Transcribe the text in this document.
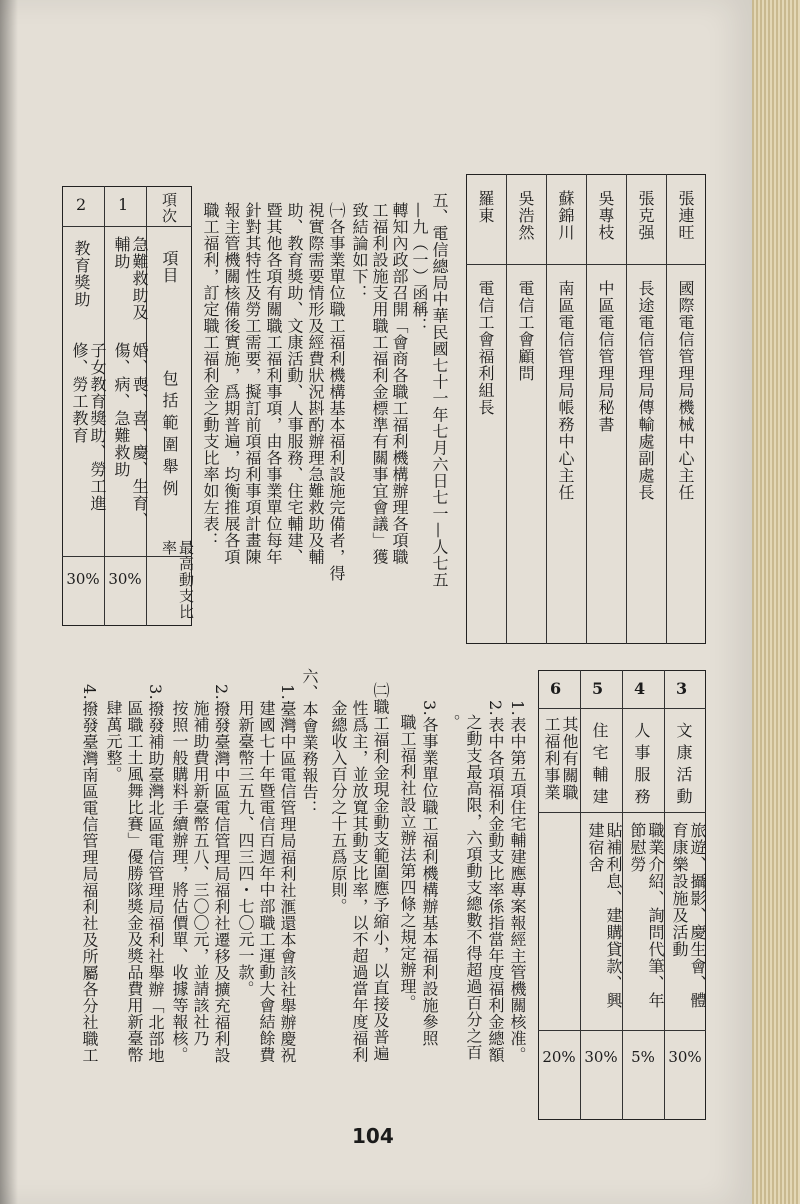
張連旺
國際電信管理局機械中心主任
張克强
長途電信管理局傳輸處副處長
吳專枝
中區電信管理局秘書
蘇錦川
南區電信管理局帳務中心主任
吳浩然
電信工會顧問
羅東
電信工會福利組長
五、電信總局中華民國七十一年七月六日七一—人七五
—九（一）函稱：
轉知內政部召開「會商各職工福利機構辦理各項職
工福利設施支用職工福利金標準有關事宜會議」獲
致結論如下：
㈠各事業單位職工福利機構基本福利設施完備者，得
視實際需要情形及經費狀況斟酌辦理急難救助及輔
助、教育獎助、文康活動、人事服務、住宅輔建、
暨其他各項有關職工福利事項，由各事業單位每年
針對其特性及勞工需要，擬訂前項福利事項計畫陳
報主管機關核備後實施，爲期普遍，均衡推展各項
職工福利，訂定職工福利金之動支比率如左表：
項次
項目
包括範圍舉例
最高動支比率
1
急難救助及輔助
婚、喪、喜、慶、生育、傷、病、急難救助
30%
2
教育獎助
子女教育獎助、勞工進修、勞工教育
30%
3
文康活動
旅遊、攝影、慶生會、體育康樂設施及活動
30%
4
人事服務
職業介紹、詢問代筆、年節慰勞
5%
5
住宅輔建
貼補利息、建購貸款、興建宿舍
30%
6
其他有關職工福利事業
20%
1.表中第五項住宅輔建應專案報經主管機關核准。
2.表中各項福利金動支比率係指當年度福利金總額
之動支最高限，六項動支總數不得超過百分之百
。
3.各事業單位職工福利機構辦基本福利設施參照
職工福利社設立辦法第四條之規定辦理。
㈡職工福利金現金動支範圍應予縮小，以直接及普遍
性爲主，並放寬其動支比率，以不超過當年度福利
金總收入百分之十五爲原則。
六、本會業務報告：
1.臺灣中區電信管理局福利社滙還本會該社舉辦慶祝
建國七十年暨電信百週年中部職工運動大會結餘費
用新臺幣三五九、四三四・七〇元一款。
2.撥發臺灣中區電信管理局福利社遷移及擴充福利設
施補助費用新臺幣五八、三〇〇元，並請該社乃
按照一般購料手續辦理，將估價單、收據等報核。
3.撥發補助臺灣北區電信管理局福利社舉辦「北部地
區職工土風舞比賽」優勝隊獎金及獎品費用新臺幣
肆萬元整。
4.撥發臺灣南區電信管理局福利社及所屬各分社職工
104
